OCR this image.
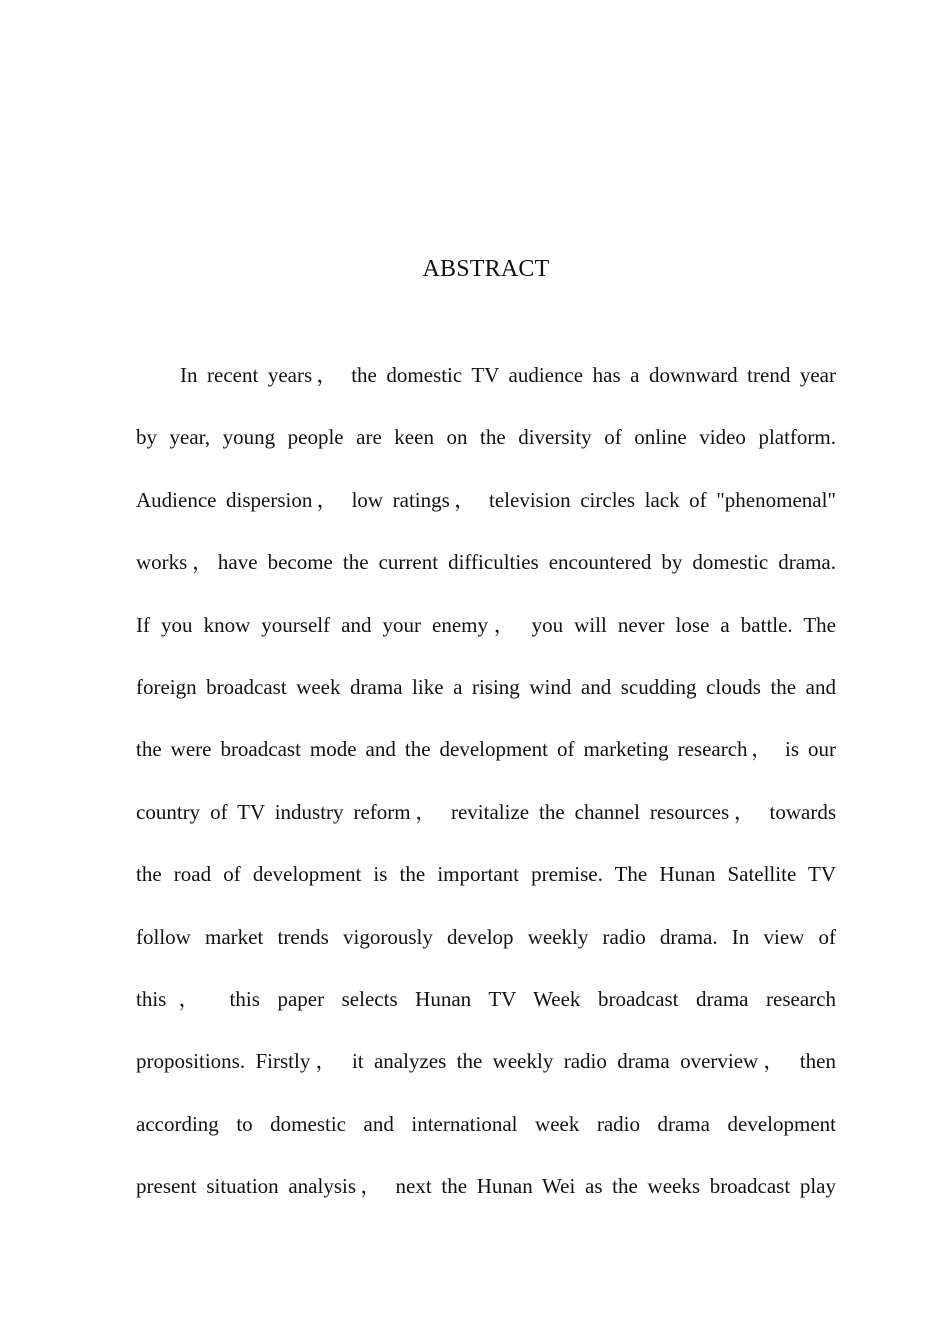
ABSTRACT
In recent years， the domestic TV audience has a downward trend year
by year, young people are keen on the diversity of online video platform.
Audience dispersion， low ratings， television circles lack of "phenomenal"
works，have become the current difficulties encountered by domestic drama.
If you know yourself and your enemy， you will never lose a battle. The
foreign broadcast week drama like a rising wind and scudding clouds the and
the were broadcast mode and the development of marketing research， is our
country of TV industry reform， revitalize the channel resources， towards
the road of development is the important premise. The Hunan Satellite TV
follow market trends vigorously develop weekly radio drama. In view of
this， this paper selects Hunan TV Week broadcast drama research
propositions. Firstly， it analyzes the weekly radio drama overview， then
according to domestic and international week radio drama development
present situation analysis， next the Hunan Wei as the weeks broadcast play
